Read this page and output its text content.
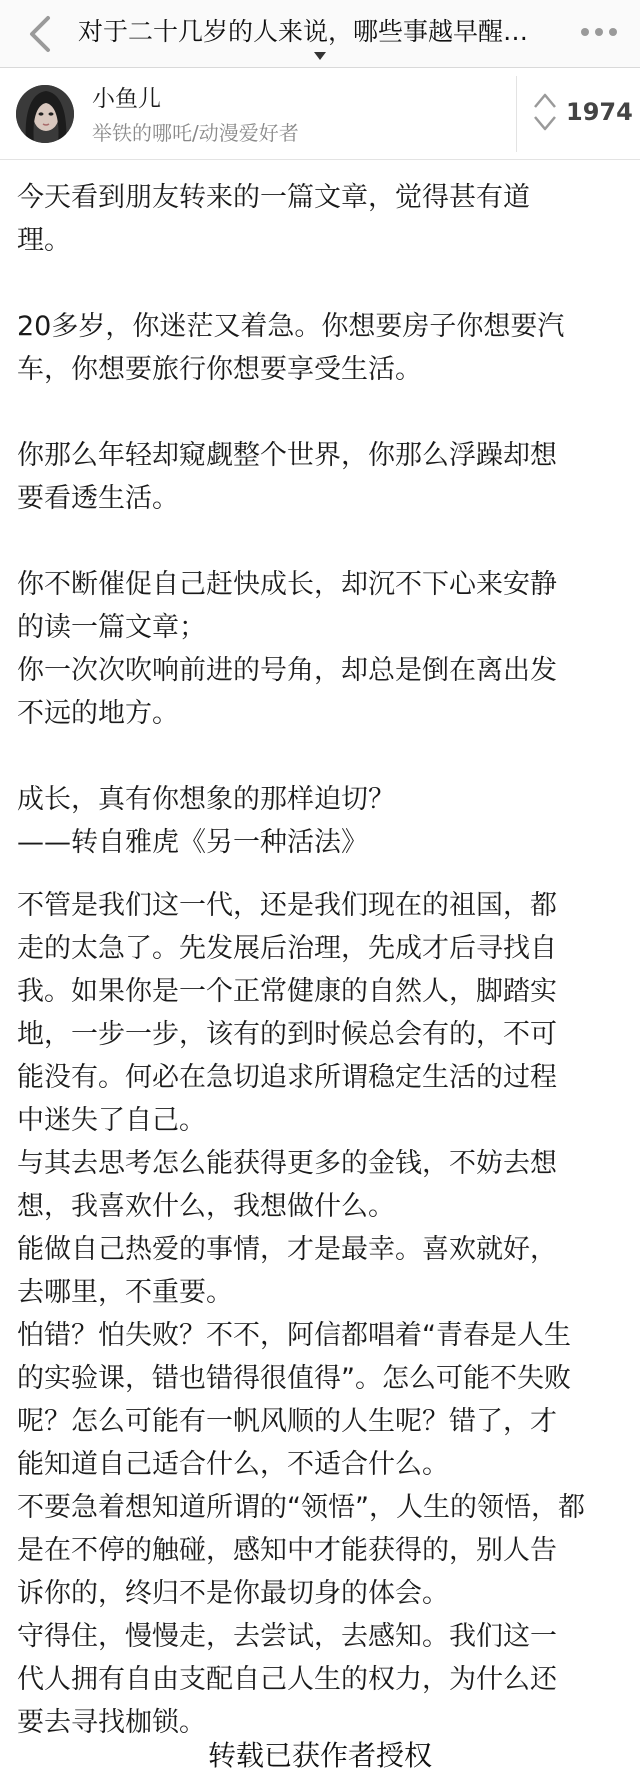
对于二十几岁的人来说，哪些事越早醒…
小鱼儿
举铁的哪吒/动漫爱好者
1974

今天看到朋友转来的一篇文章，觉得甚有道
理。

20多岁，你迷茫又着急。你想要房子你想要汽
车，你想要旅行你想要享受生活。

你那么年轻却窥觑整个世界，你那么浮躁却想
要看透生活。

你不断催促自己赶快成长，却沉不下心来安静
的读一篇文章；
你一次次吹响前进的号角，却总是倒在离出发
不远的地方。

成长，真有你想象的那样迫切？
——转自雅虎《另一种活法》

不管是我们这一代，还是我们现在的祖国，都
走的太急了。先发展后治理，先成才后寻找自
我。如果你是一个正常健康的自然人，脚踏实
地，一步一步，该有的到时候总会有的，不可
能没有。何必在急切追求所谓稳定生活的过程
中迷失了自己。
与其去思考怎么能获得更多的金钱，不妨去想
想，我喜欢什么，我想做什么。
能做自己热爱的事情，才是最幸。喜欢就好，
去哪里，不重要。
怕错？怕失败？不不，阿信都唱着“青春是人生
的实验课，错也错得很值得”。怎么可能不失败
呢？怎么可能有一帆风顺的人生呢？错了，才
能知道自己适合什么，不适合什么。
不要急着想知道所谓的“领悟”，人生的领悟，都
是在不停的触碰，感知中才能获得的，别人告
诉你的，终归不是你最切身的体会。
守得住，慢慢走，去尝试，去感知。我们这一
代人拥有自由支配自己人生的权力，为什么还
要去寻找枷锁。

转载已获作者授权
